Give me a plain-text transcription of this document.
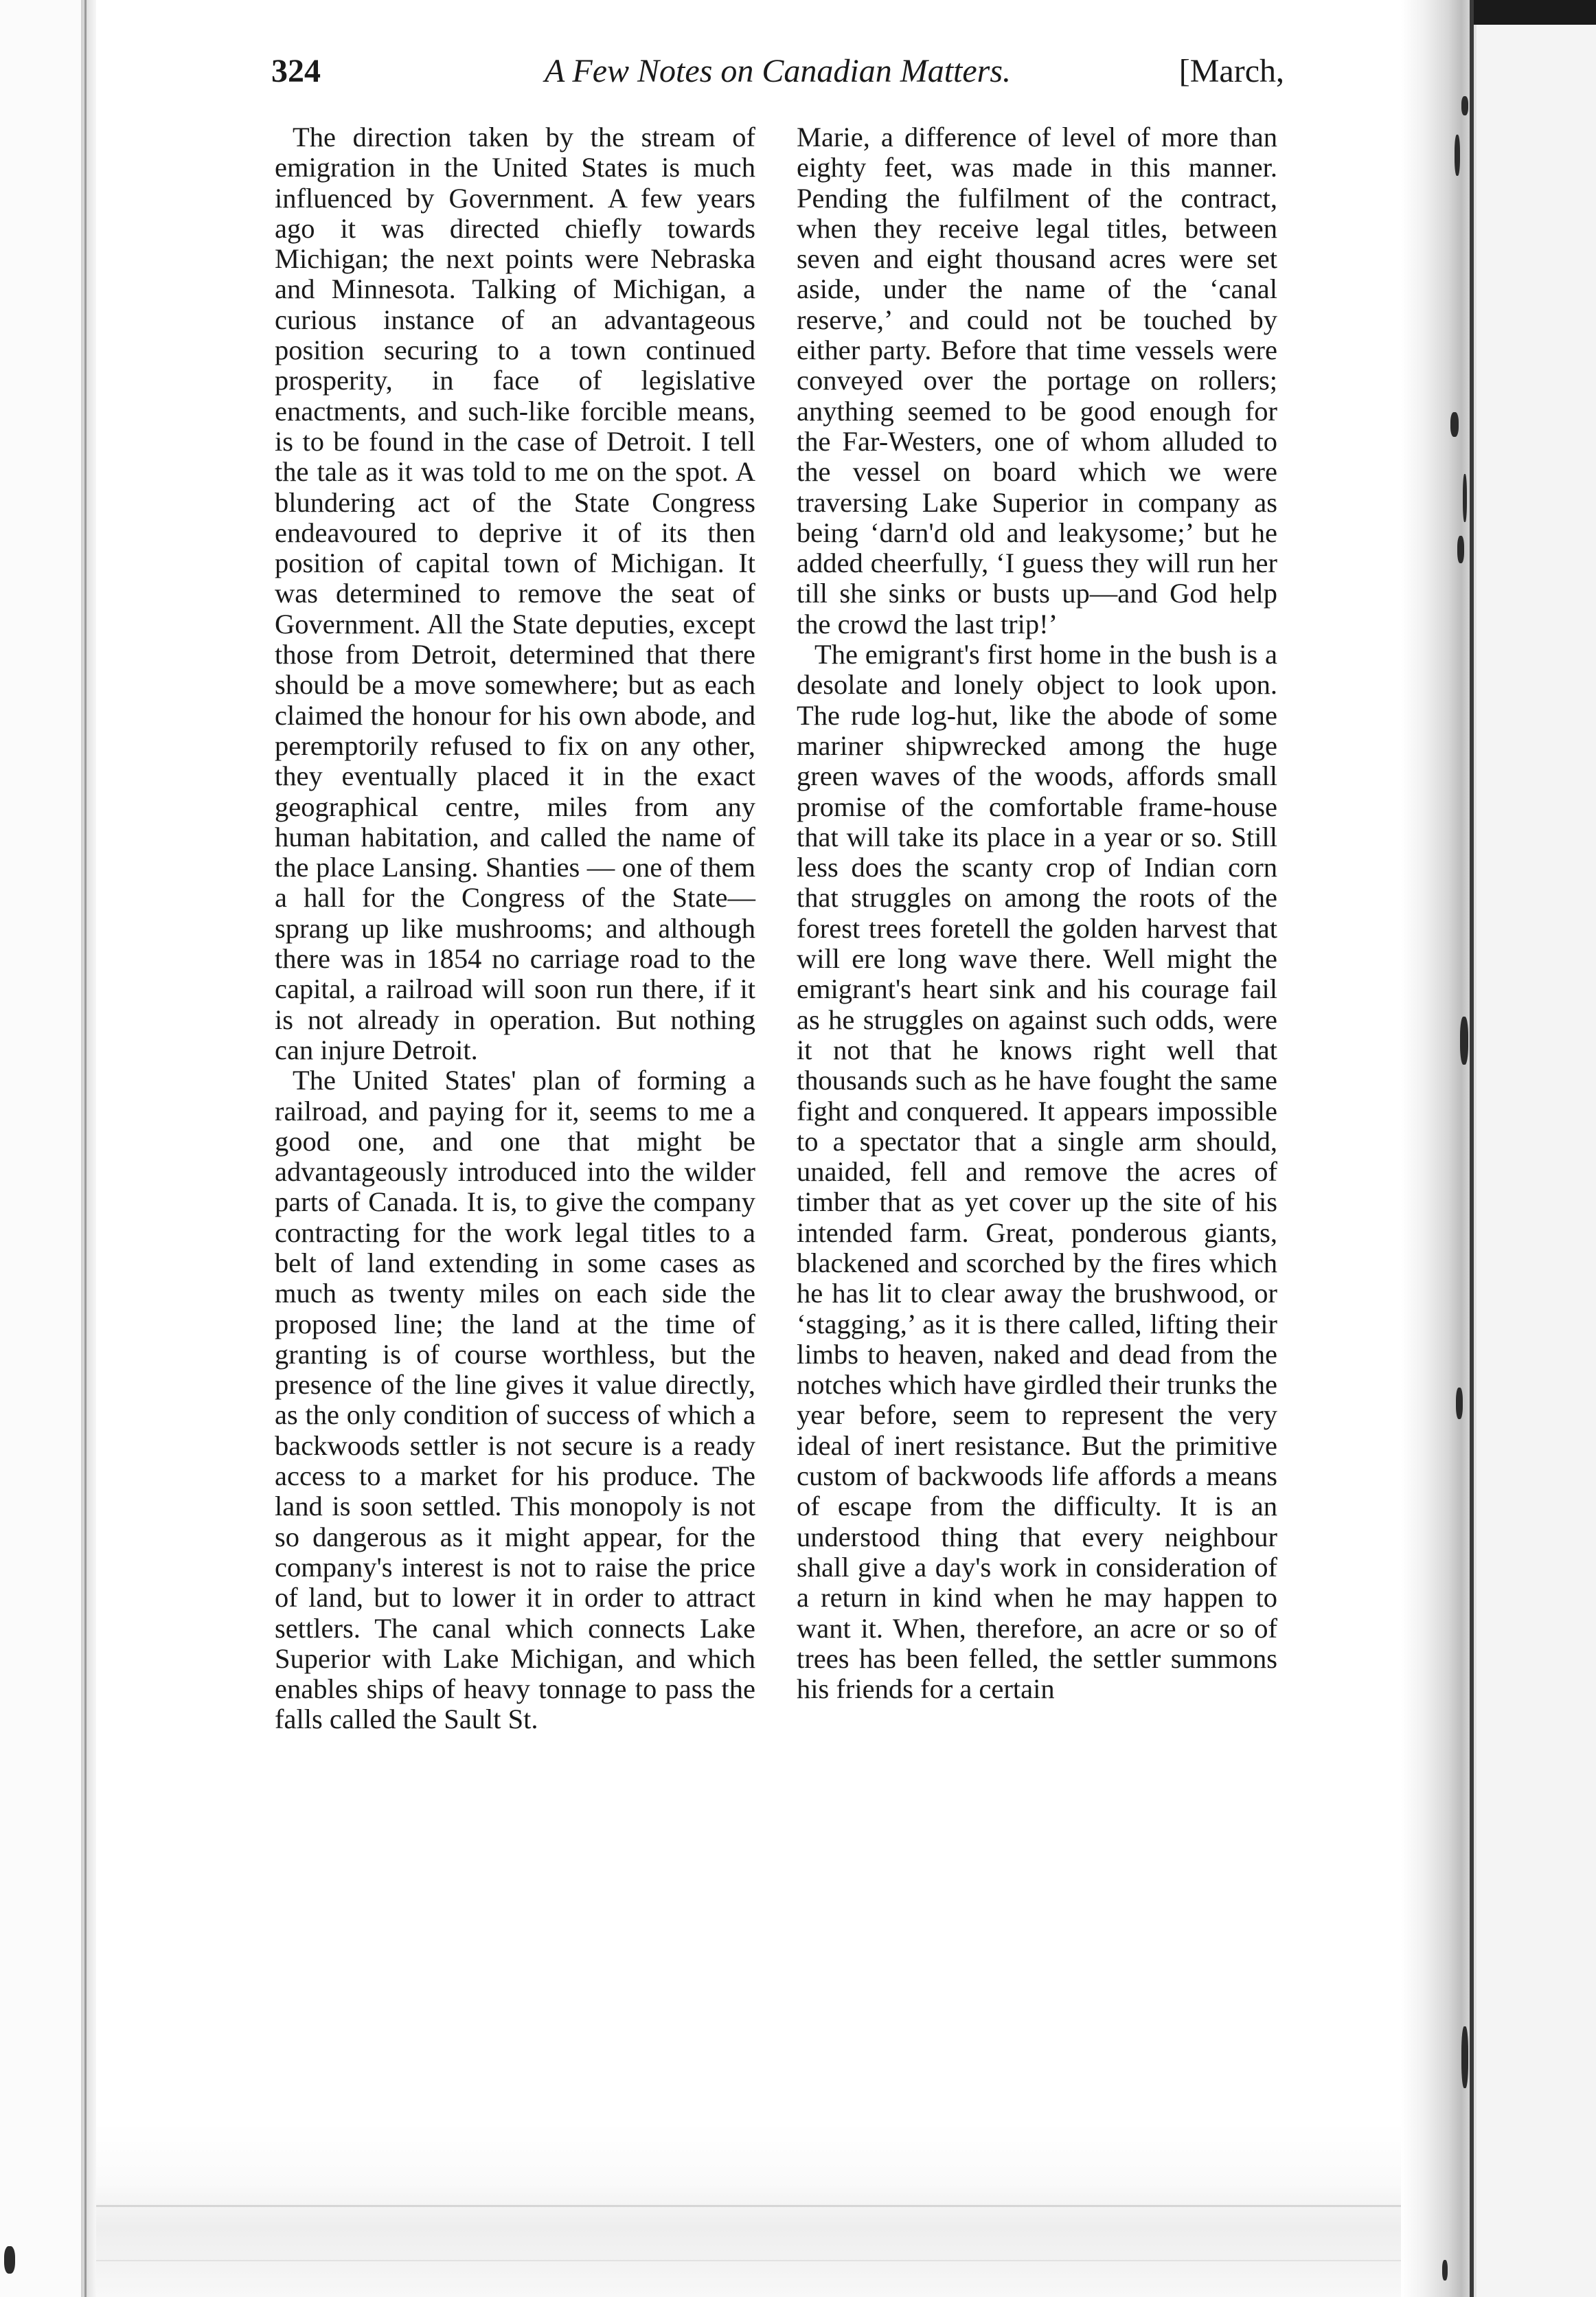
324	A Few Notes on Canadian Matters.	[March,

The direction taken by the stream of emigration in the United States is much influenced by Government. A few years ago it was directed chiefly towards Michigan; the next points were Nebraska and Minnesota. Talking of Michigan, a curious instance of an advantageous position securing to a town continued prosperity, in face of legislative enactments, and such-like forcible means, is to be found in the case of Detroit. I tell the tale as it was told to me on the spot. A blundering act of the State Congress endeavoured to deprive it of its then position of capital town of Michigan. It was determined to remove the seat of Government. All the State deputies, except those from Detroit, determined that there should be a move somewhere; but as each claimed the honour for his own abode, and peremptorily refused to fix on any other, they eventually placed it in the exact geographical centre, miles from any human habitation, and called the name of the place Lansing. Shanties — one of them a hall for the Congress of the State—sprang up like mushrooms; and although there was in 1854 no carriage road to the capital, a railroad will soon run there, if it is not already in operation. But nothing can injure Detroit.

The United States' plan of forming a railroad, and paying for it, seems to me a good one, and one that might be advantageously introduced into the wilder parts of Canada. It is, to give the company contracting for the work legal titles to a belt of land extending in some cases as much as twenty miles on each side the proposed line; the land at the time of granting is of course worthless, but the presence of the line gives it value directly, as the only condition of success of which a backwoods settler is not secure is a ready access to a market for his produce. The land is soon settled. This monopoly is not so dangerous as it might appear, for the company's interest is not to raise the price of land, but to lower it in order to attract settlers. The canal which connects Lake Superior with Lake Michigan, and which enables ships of heavy tonnage to pass the falls called the Sault St.

Marie, a difference of level of more than eighty feet, was made in this manner. Pending the fulfilment of the contract, when they receive legal titles, between seven and eight thousand acres were set aside, under the name of the ‘canal reserve,’ and could not be touched by either party. Before that time vessels were conveyed over the portage on rollers; anything seemed to be good enough for the Far-Westers, one of whom alluded to the vessel on board which we were traversing Lake Superior in company as being ‘darn'd old and leakysome;’ but he added cheerfully, ‘I guess they will run her till she sinks or busts up—and God help the crowd the last trip!’

The emigrant's first home in the bush is a desolate and lonely object to look upon. The rude log-hut, like the abode of some mariner shipwrecked among the huge green waves of the woods, affords small promise of the comfortable frame-house that will take its place in a year or so. Still less does the scanty crop of Indian corn that struggles on among the roots of the forest trees foretell the golden harvest that will ere long wave there. Well might the emigrant's heart sink and his courage fail as he struggles on against such odds, were it not that he knows right well that thousands such as he have fought the same fight and conquered. It appears impossible to a spectator that a single arm should, unaided, fell and remove the acres of timber that as yet cover up the site of his intended farm. Great, ponderous giants, blackened and scorched by the fires which he has lit to clear away the brushwood, or ‘stagging,’ as it is there called, lifting their limbs to heaven, naked and dead from the notches which have girdled their trunks the year before, seem to represent the very ideal of inert resistance. But the primitive custom of backwoods life affords a means of escape from the difficulty. It is an understood thing that every neighbour shall give a day's work in consideration of a return in kind when he may happen to want it. When, therefore, an acre or so of trees has been felled, the settler summons his friends for a certain
